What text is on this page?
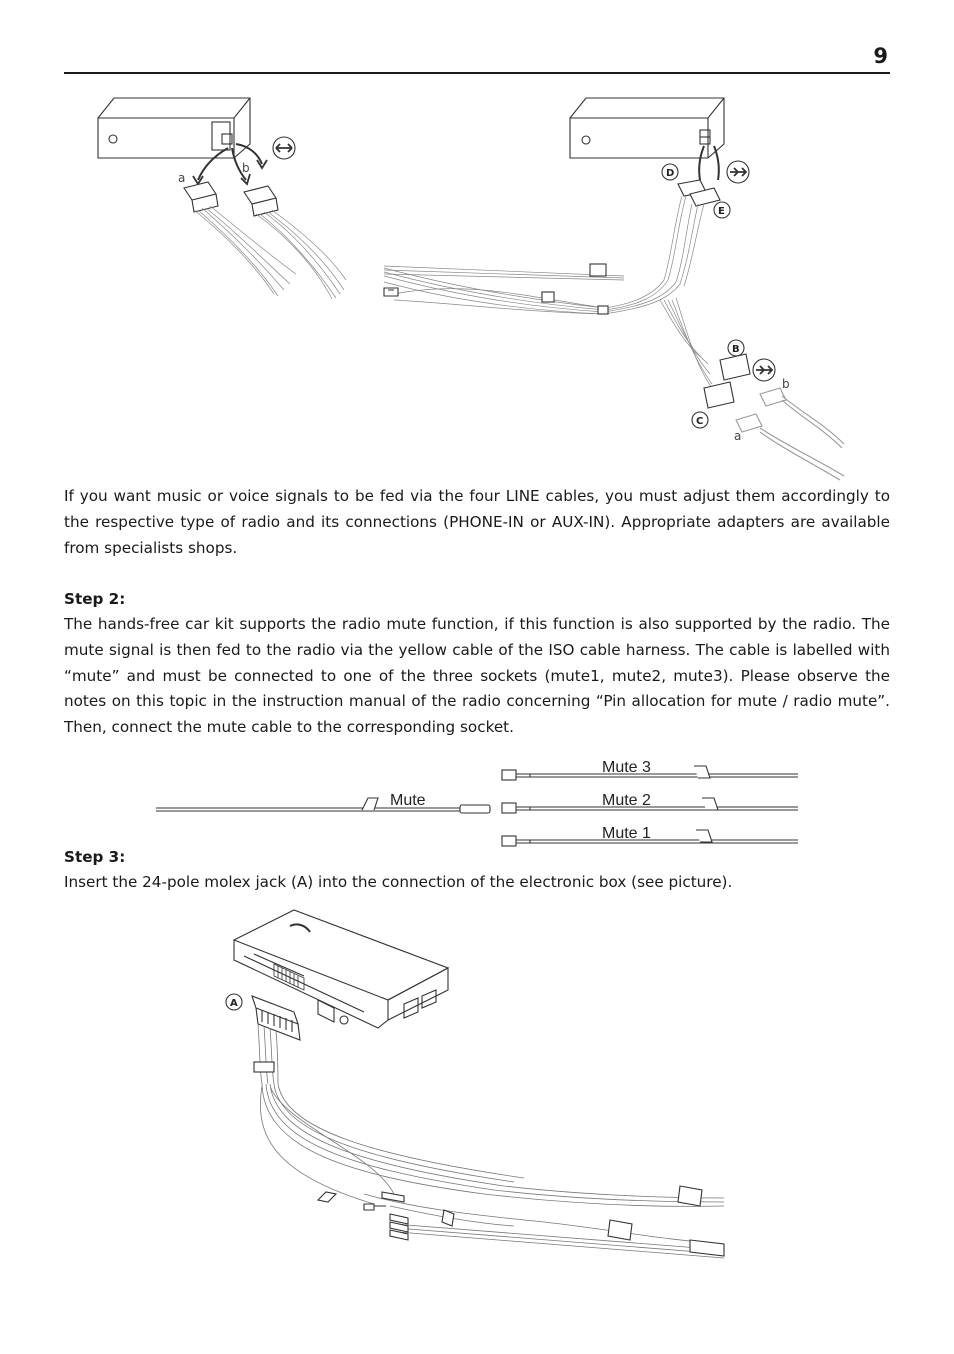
9
a
b	D
E
B
C
b
a

If you want music or voice signals to be fed via the four LINE cables, you must adjust them accordingly to the respective type of radio and its connections (PHONE-IN or AUX-IN). Appropriate adapters are available from specialists shops.

Step 2:

The hands-free car kit supports the radio mute function, if this function is also supported by the radio. The mute signal is then fed to the radio via the yellow cable of the ISO cable harness. The cable is labelled with “mute” and must be connected to one of the three sockets (mute1, mute2, mute3). Please observe the notes on this topic in the instruction manual of the radio concerning “Pin allocation for mute / radio mute”. Then, connect the mute cable to the corresponding socket.

Mute
Mute 3
Mute 2
Mute 1
Step 3:

Insert the 24-pole molex jack (A) into the connection of the electronic box (see picture).

A
